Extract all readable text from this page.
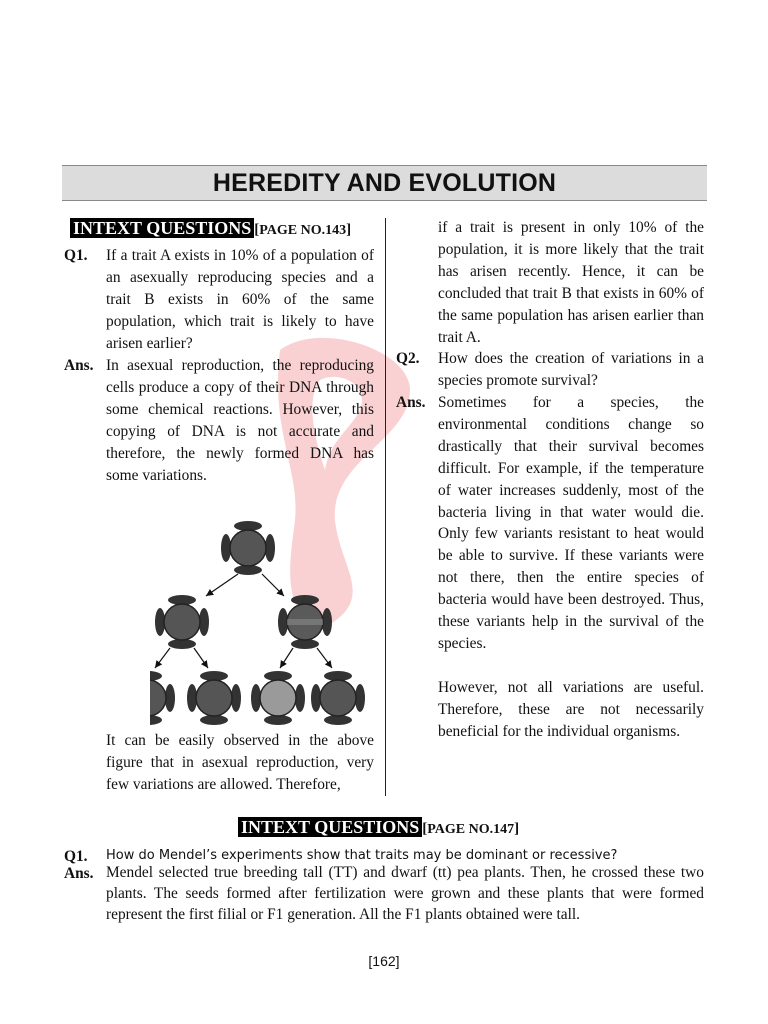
HEREDITY AND EVOLUTION
INTEXT QUESTIONS [PAGE NO.143]
Q1. If a trait A exists in 10% of a population of an asexually reproducing species and a trait B exists in 60% of the same population, which trait is likely to have arisen earlier?
Ans. In asexual reproduction, the reproducing cells produce a copy of their DNA through some chemical reactions. However, this copying of DNA is not accurate and therefore, the newly formed DNA has some variations.
It can be easily observed in the above figure that in asexual reproduction, very few variations are allowed. Therefore,
if a trait is present in only 10% of the population, it is more likely that the trait has arisen recently. Hence, it can be concluded that trait B that exists in 60% of the same population has arisen earlier than trait A.
Q2. How does the creation of variations in a species promote survival?
Ans. Sometimes for a species, the environmental conditions change so drastically that their survival becomes difficult. For example, if the temperature of water increases suddenly, most of the bacteria living in that water would die. Only few variants resistant to heat would be able to survive. If these variants were not there, then the entire species of bacteria would have been destroyed. Thus, these variants help in the survival of the species.
However, not all variations are useful. Therefore, these are not necessarily beneficial for the individual organisms.
INTEXT QUESTIONS [PAGE NO.147]
Q1. How do Mendel’s experiments show that traits may be dominant or recessive?
Ans. Mendel selected true breeding tall (TT) and dwarf (tt) pea plants. Then, he crossed these two plants. The seeds formed after fertilization were grown and these plants that were formed represent the first filial or F1 generation. All the F1 plants obtained were tall.
[162]
